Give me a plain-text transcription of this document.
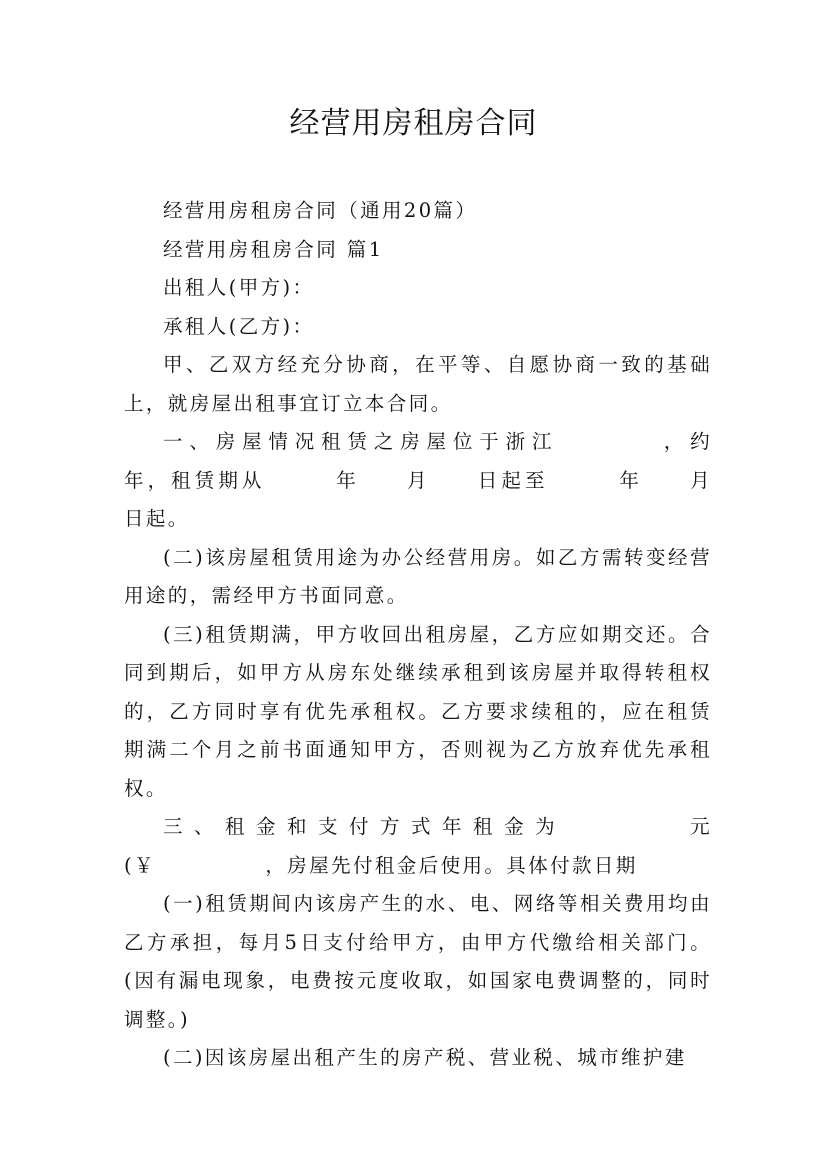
经营用房租房合同

经营用房租房合同（通用20篇）

经营用房租房合同 篇1

出租人(甲方)：

承租人(乙方)：

甲、乙双方经充分协商，在平等、自愿协商一致的基础上，就房屋出租事宜订立本合同。

一、房屋情况租赁之房屋位于浙江　　　　，约　　　　年，租赁期从　　　年　　月　　日起至　　　年　　月　　日起。

(二)该房屋租赁用途为办公经营用房。如乙方需转变经营用途的，需经甲方书面同意。

(三)租赁期满，甲方收回出租房屋，乙方应如期交还。合同到期后，如甲方从房东处继续承租到该房屋并取得转租权的，乙方同时享有优先承租权。乙方要求续租的，应在租赁期满二个月之前书面通知甲方，否则视为乙方放弃优先承租权。

三、租金和支付方式年租金为　　　　元(￥　　　　　，房屋先付租金后使用。具体付款日期

(一)租赁期间内该房产生的水、电、网络等相关费用均由乙方承担，每月5日支付给甲方，由甲方代缴给相关部门。(因有漏电现象，电费按元度收取，如国家电费调整的，同时调整。)

(二)因该房屋出租产生的房产税、营业税、城市维护建
